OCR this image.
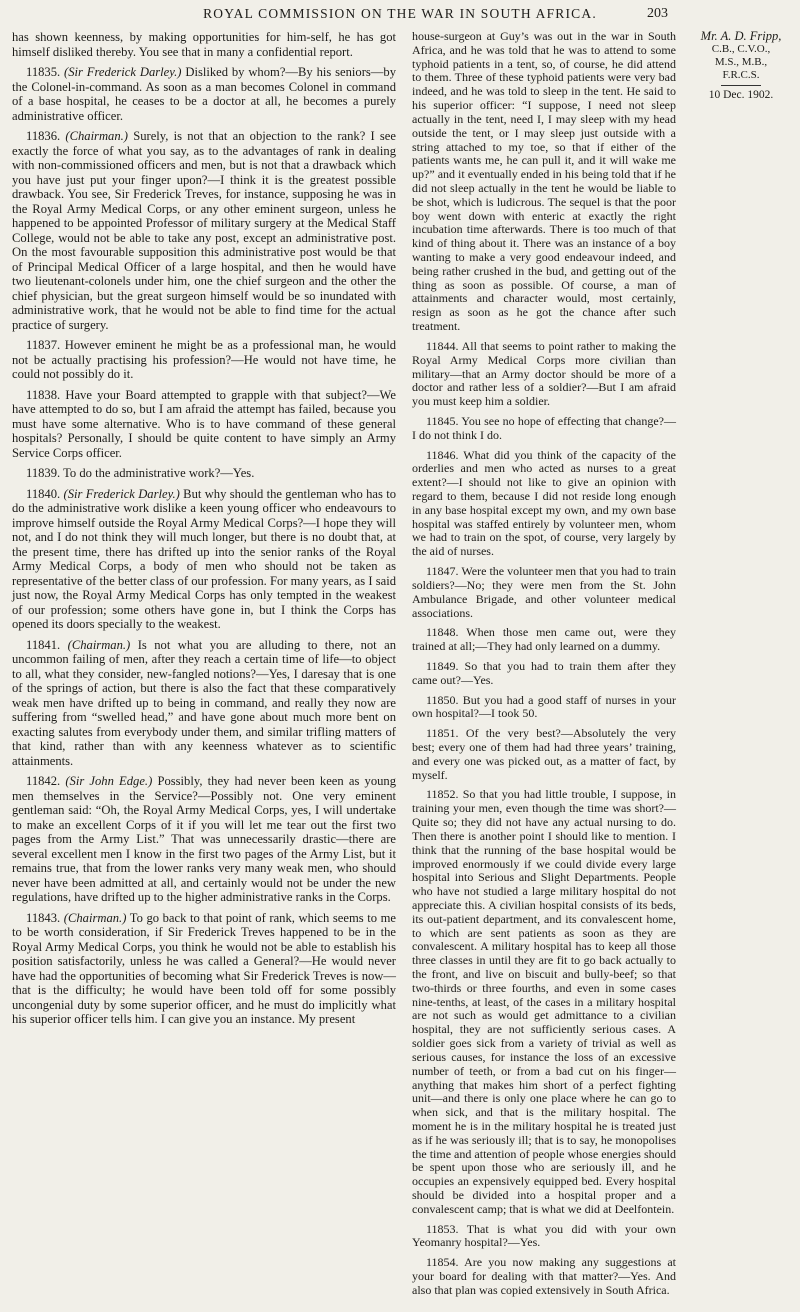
ROYAL COMMISSION ON THE WAR IN SOUTH AFRICA.	203

has shown keenness, by making opportunities for him-self, he has got himself disliked thereby. You see that in many a confidential report.

11835. (Sir Frederick Darley.) Disliked by whom?—By his seniors—by the Colonel-in-command. As soon as a man becomes Colonel in command of a base hospital, he ceases to be a doctor at all, he becomes a purely administrative officer.

11836. (Chairman.) Surely, is not that an objection to the rank? I see exactly the force of what you say, as to the advantages of rank in dealing with non-commissioned officers and men, but is not that a drawback which you have just put your finger upon?—I think it is the greatest possible drawback. You see, Sir Frederick Treves, for instance, supposing he was in the Royal Army Medical Corps, or any other eminent surgeon, unless he happened to be appointed Professor of military surgery at the Medical Staff College, would not be able to take any post, except an administrative post. On the most favourable supposition this administrative post would be that of Principal Medical Officer of a large hospital, and then he would have two lieutenant-colonels under him, one the chief surgeon and the other the chief physician, but the great surgeon himself would be so inundated with administrative work, that he would not be able to find time for the actual practice of surgery.

11837. However eminent he might be as a professional man, he would not be actually practising his profession?—He would not have time, he could not possibly do it.

11838. Have your Board attempted to grapple with that subject?—We have attempted to do so, but I am afraid the attempt has failed, because you must have some alternative. Who is to have command of these general hospitals? Personally, I should be quite content to have simply an Army Service Corps officer.

11839. To do the administrative work?—Yes.

11840. (Sir Frederick Darley.) But why should the gentleman who has to do the administrative work dislike a keen young officer who endeavours to improve himself outside the Royal Army Medical Corps?—I hope they will not, and I do not think they will much longer, but there is no doubt that, at the present time, there has drifted up into the senior ranks of the Royal Army Medical Corps, a body of men who should not be taken as representative of the better class of our profession. For many years, as I said just now, the Royal Army Medical Corps has only tempted in the weakest of our profession; some others have gone in, but I think the Corps has opened its doors specially to the weakest.

11841. (Chairman.) Is not what you are alluding to there, not an uncommon failing of men, after they reach a certain time of life—to object to all, what they consider, new-fangled notions?—Yes, I daresay that is one of the springs of action, but there is also the fact that these comparatively weak men have drifted up to being in command, and really they now are suffering from “swelled head,” and have gone about much more bent on exacting salutes from everybody under them, and similar trifling matters of that kind, rather than with any keenness whatever as to scientific attainments.

11842. (Sir John Edge.) Possibly, they had never been keen as young men themselves in the Service?—Possibly not. One very eminent gentleman said: “Oh, the Royal Army Medical Corps, yes, I will undertake to make an excellent Corps of it if you will let me tear out the first two pages from the Army List.” That was unnecessarily drastic—there are several excellent men I know in the first two pages of the Army List, but it remains true, that from the lower ranks very many weak men, who should never have been admitted at all, and certainly would not be under the new regulations, have drifted up to the higher administrative ranks in the Corps.

11843. (Chairman.) To go back to that point of rank, which seems to me to be worth consideration, if Sir Frederick Treves happened to be in the Royal Army Medical Corps, you think he would not be able to establish his position satisfactorily, unless he was called a General?—He would never have had the opportunities of becoming what Sir Frederick Treves is now—that is the difficulty; he would have been told off for some possibly uncongenial duty by some superior officer, and he must do implicitly what his superior officer tells him. I can give you an instance. My present

house-surgeon at Guy’s was out in the war in South Africa, and he was told that he was to attend to some typhoid patients in a tent, so, of course, he did attend to them. Three of these typhoid patients were very bad indeed, and he was told to sleep in the tent. He said to his superior officer: “I suppose, I need not sleep actually in the tent, need I, I may sleep with my head outside the tent, or I may sleep just outside with a string attached to my toe, so that if either of the patients wants me, he can pull it, and it will wake me up?” and it eventually ended in his being told that if he did not sleep actually in the tent he would be liable to be shot, which is ludicrous. The sequel is that the poor boy went down with enteric at exactly the right incubation time afterwards. There is too much of that kind of thing about it. There was an instance of a boy wanting to make a very good endeavour indeed, and being rather crushed in the bud, and getting out of the thing as soon as possible. Of course, a man of attainments and character would, most certainly, resign as soon as he got the chance after such treatment.

11844. All that seems to point rather to making the Royal Army Medical Corps more civilian than military—that an Army doctor should be more of a doctor and rather less of a soldier?—But I am afraid you must keep him a soldier.

11845. You see no hope of effecting that change?—I do not think I do.

11846. What did you think of the capacity of the orderlies and men who acted as nurses to a great extent?—I should not like to give an opinion with regard to them, because I did not reside long enough in any base hospital except my own, and my own base hospital was staffed entirely by volunteer men, whom we had to train on the spot, of course, very largely by the aid of nurses.

11847. Were the volunteer men that you had to train soldiers?—No; they were men from the St. John Ambulance Brigade, and other volunteer medical associations.

11848. When those men came out, were they trained at all;—They had only learned on a dummy.

11849. So that you had to train them after they came out?—Yes.

11850. But you had a good staff of nurses in your own hospital?—I took 50.

11851. Of the very best?—Absolutely the very best; every one of them had had three years’ training, and every one was picked out, as a matter of fact, by myself.

11852. So that you had little trouble, I suppose, in training your men, even though the time was short?—Quite so; they did not have any actual nursing to do. Then there is another point I should like to mention. I think that the running of the base hospital would be improved enormously if we could divide every large hospital into Serious and Slight Departments. People who have not studied a large military hospital do not appreciate this. A civilian hospital consists of its beds, its out-patient department, and its convalescent home, to which are sent patients as soon as they are convalescent. A military hospital has to keep all those three classes in until they are fit to go back actually to the front, and live on biscuit and bully-beef; so that two-thirds or three fourths, and even in some cases nine-tenths, at least, of the cases in a military hospital are not such as would get admittance to a civilian hospital, they are not sufficiently serious cases. A soldier goes sick from a variety of trivial as well as serious causes, for instance the loss of an excessive number of teeth, or from a bad cut on his finger—anything that makes him short of a perfect fighting unit—and there is only one place where he can go to when sick, and that is the military hospital. The moment he is in the military hospital he is treated just as if he was seriously ill; that is to say, he monopolises the time and attention of people whose energies should be spent upon those who are seriously ill, and he occupies an expensively equipped bed. Every hospital should be divided into a hospital proper and a convalescent camp; that is what we did at Deelfontein.

11853. That is what you did with your own Yeomanry hospital?—Yes.

11854. Are you now making any suggestions at your board for dealing with that matter?—Yes. And also that plan was copied extensively in South Africa.

Mr. A. D. Fripp,
C.B., C.V.O.,
M.S., M.B.,
F.R.C.S.
10 Dec. 1902.
